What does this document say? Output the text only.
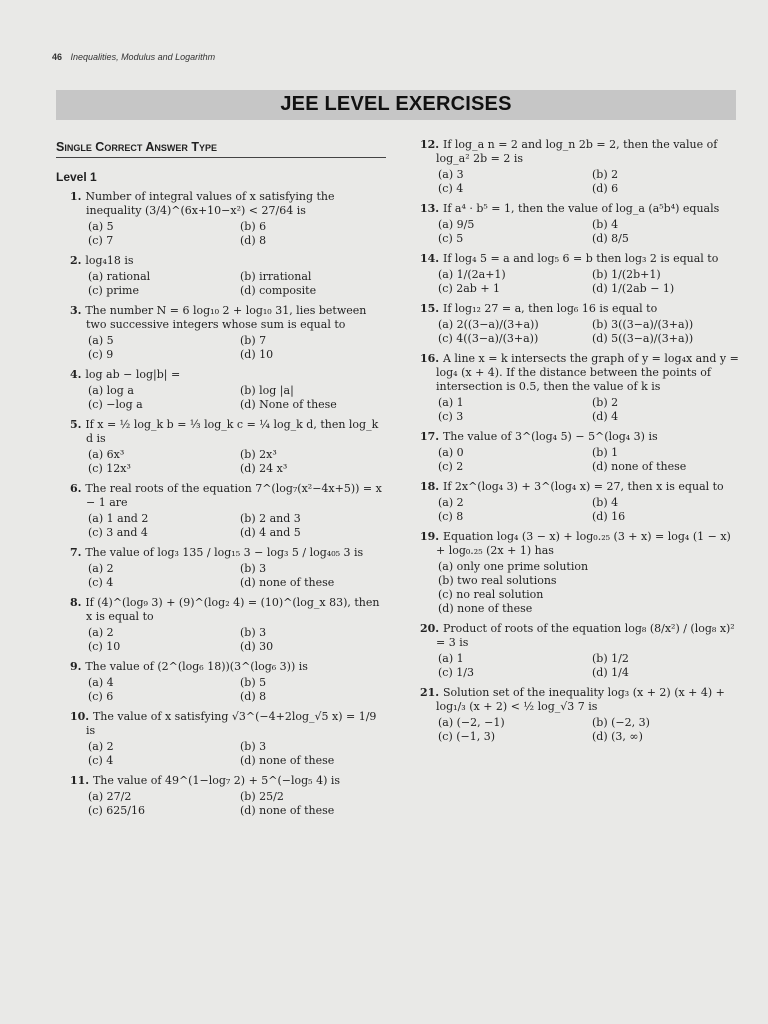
46 Inequalities, Modulus and Logarithm
JEE LEVEL EXERCISES
Single Correct Answer Type
Level 1
1. Number of integral values of x satisfying the inequality (3/4)^(6x+10−x²) < 27/64 is
(a) 5	(b) 6
(c) 7	(d) 8
2. log₄18 is
(a) rational	(b) irrational
(c) prime	(d) composite
3. The number N = 6 log₁₀ 2 + log₁₀ 31, lies between two successive integers whose sum is equal to
(a) 5	(b) 7
(c) 9	(d) 10
4. log ab − log|b| =
(a) log a	(b) log |a|
(c) −log a	(d) None of these
5. If x = ½ log_k b = ⅓ log_k c = ¼ log_k d, then log_k d is
(a) 6x³	(b) 2x³
(c) 12x³	(d) 24 x³
6. The real roots of the equation 7^(log₇(x²−4x+5)) = x − 1 are
(a) 1 and 2	(b) 2 and 3
(c) 3 and 4	(d) 4 and 5
7. The value of log₃ 135 / log₁₅ 3 − log₃ 5 / log₄₀₅ 3 is
(a) 2	(b) 3
(c) 4	(d) none of these
8. If (4)^(log₉ 3) + (9)^(log₂ 4) = (10)^(log_x 83), then x is equal to
(a) 2	(b) 3
(c) 10	(d) 30
9. The value of (2^(log₆ 18))(3^(log₆ 3)) is
(a) 4	(b) 5
(c) 6	(d) 8
10. The value of x satisfying √3^(−4+2log_√5 x) = 1/9 is
(a) 2	(b) 3
(c) 4	(d) none of these
11. The value of 49^(1−log₇ 2) + 5^(−log₅ 4) is
(a) 27/2	(b) 25/2
(c) 625/16	(d) none of these
12. If log_a n = 2 and log_n 2b = 2, then the value of log_a² 2b = 2 is
(a) 3	(b) 2
(c) 4	(d) 6
13. If a⁴ · b⁵ = 1, then the value of log_a (a⁵b⁴) equals
(a) 9/5	(b) 4
(c) 5	(d) 8/5
14. If log₄ 5 = a and log₅ 6 = b then log₃ 2 is equal to
(a) 1/(2a+1)	(b) 1/(2b+1)
(c) 2ab + 1	(d) 1/(2ab − 1)
15. If log₁₂ 27 = a, then log₆ 16 is equal to
(a) 2((3−a)/(3+a))	(b) 3((3−a)/(3+a))
(c) 4((3−a)/(3+a))	(d) 5((3−a)/(3+a))
16. A line x = k intersects the graph of y = log₄x and y = log₄ (x + 4). If the distance between the points of intersection is 0.5, then the value of k is
(a) 1	(b) 2
(c) 3	(d) 4
17. The value of 3^(log₄ 5) − 5^(log₄ 3) is
(a) 0	(b) 1
(c) 2	(d) none of these
18. If 2x^(log₄ 3) + 3^(log₄ x) = 27, then x is equal to
(a) 2	(b) 4
(c) 8	(d) 16
19. Equation log₄ (3 − x) + log₀.₂₅ (3 + x) = log₄ (1 − x) + log₀.₂₅ (2x + 1) has
(a) only one prime solution
(b) two real solutions
(c) no real solution
(d) none of these
20. Product of roots of the equation log₈ (8/x²) / (log₈ x)² = 3 is
(a) 1	(b) 1/2
(c) 1/3	(d) 1/4
21. Solution set of the inequality log₃ (x + 2) (x + 4) + log₁/₃ (x + 2) < ½ log_√3 7 is
(a) (−2, −1)	(b) (−2, 3)
(c) (−1, 3)	(d) (3, ∞)
